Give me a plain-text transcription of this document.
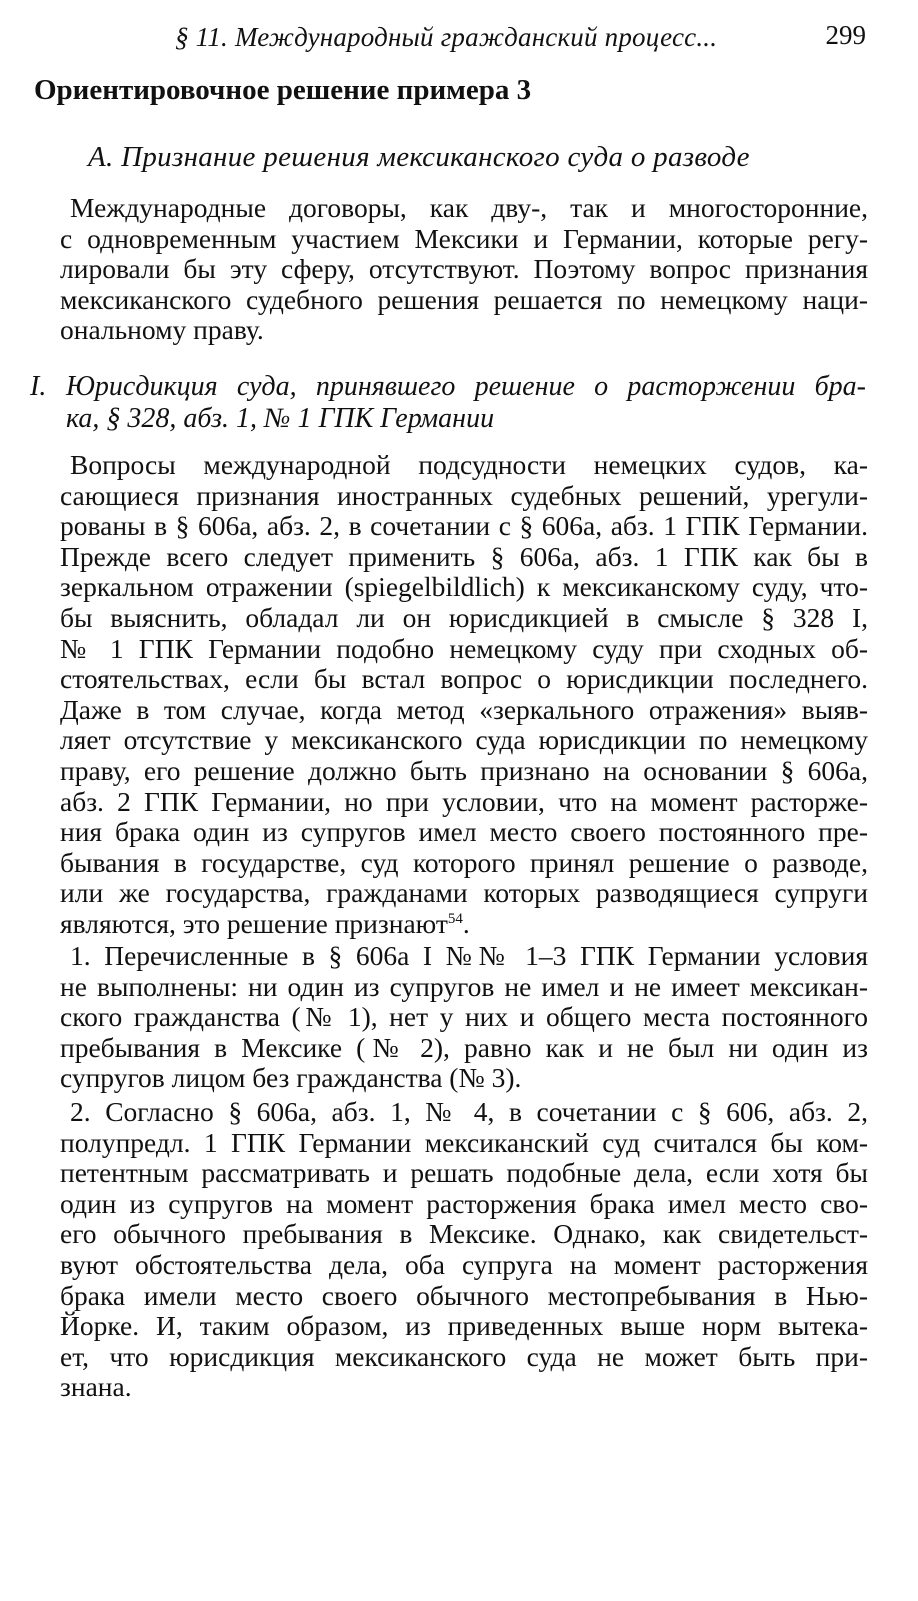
§ 11. Международный гражданский процесс...	299
Ориентировочное решение примера 3
А. Признание решения мексиканского суда о разводе
Международные договоры, как дву-, так и многосторонние,
с одновременным участием Мексики и Германии, которые регу-
лировали бы эту сферу, отсутствуют. Поэтому вопрос признания
мексиканского судебного решения решается по немецкому наци-
ональному праву.
I. Юрисдикция суда, принявшего решение о расторжении бра-
ка, § 328, абз. 1, № 1 ГПК Германии
Вопросы международной подсудности немецких судов, ка-
сающиеся признания иностранных судебных решений, урегули-
рованы в § 606а, абз. 2, в сочетании с § 606а, абз. 1 ГПК Германии.
Прежде всего следует применить § 606а, абз. 1 ГПК как бы в
зеркальном отражении (spiegelbildlich) к мексиканскому суду, что-
бы выяснить, обладал ли он юрисдикцией в смысле § 328 I,
№ 1 ГПК Германии подобно немецкому суду при сходных об-
стоятельствах, если бы встал вопрос о юрисдикции последнего.
Даже в том случае, когда метод «зеркального отражения» выяв-
ляет отсутствие у мексиканского суда юрисдикции по немецкому
праву, его решение должно быть признано на основании § 606а,
абз. 2 ГПК Германии, но при условии, что на момент расторже-
ния брака один из супругов имел место своего постоянного пре-
бывания в государстве, суд которого принял решение о разводе,
или же государства, гражданами которых разводящиеся супруги
являются, это решение признают$^{54}$.
1. Перечисленные в § 606а I №№ 1–3 ГПК Германии условия
не выполнены: ни один из супругов не имел и не имеет мексикан-
ского гражданства (№ 1), нет у них и общего места постоянного
пребывания в Мексике (№ 2), равно как и не был ни один из
супругов лицом без гражданства (№ 3).
2. Согласно § 606а, абз. 1, № 4, в сочетании с § 606, абз. 2,
полупредл. 1 ГПК Германии мексиканский суд считался бы ком-
петентным рассматривать и решать подобные дела, если хотя бы
один из супругов на момент расторжения брака имел место сво-
его обычного пребывания в Мексике. Однако, как свидетельст-
вуют обстоятельства дела, оба супруга на момент расторжения
брака имели место своего обычного местопребывания в Нью-
Йорке. И, таким образом, из приведенных выше норм вытека-
ет, что юрисдикция мексиканского суда не может быть при-
знана.
